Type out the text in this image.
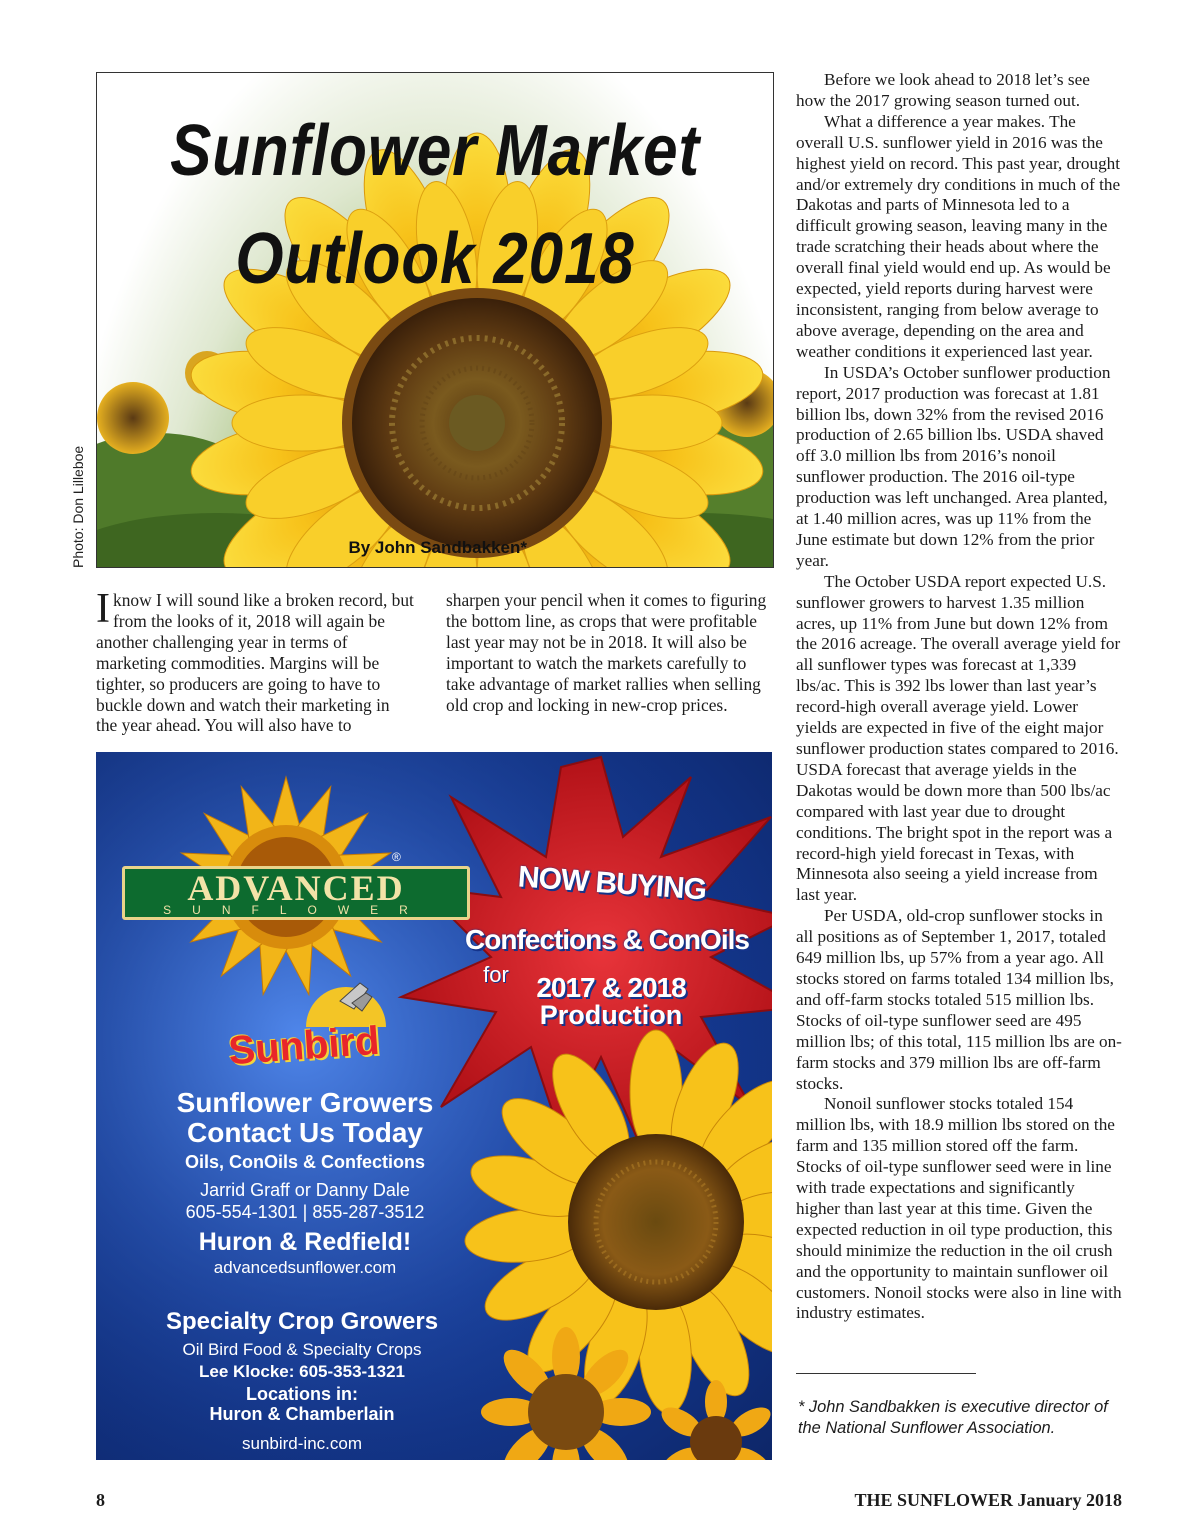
Sunflower Market
Outlook 2018
By John Sandbakken*
Photo: Don Lilleboe
Iknow I will sound like a broken record, but from the looks of it, 2018 will again be another challenging year in terms of marketing commodities. Margins will be tighter, so producers are going to have to buckle down and watch their marketing in the year ahead. You will also have to
sharpen your pencil when it comes to figuring the bottom line, as crops that were profitable last year may not be in 2018. It will also be important to watch the markets carefully to take advantage of market rallies when selling old crop and locking in new-crop prices.

Before we look ahead to 2018 let’s see how the 2017 growing season turned out.

What a difference a year makes. The overall U.S. sunflower yield in 2016 was the highest yield on record. This past year, drought and/or extremely dry conditions in much of the Dakotas and parts of Minnesota led to a difficult growing season, leaving many in the trade scratching their heads about where the overall final yield would end up. As would be expected, yield reports during harvest were inconsistent, ranging from below average to above average, depending on the area and weather conditions it experienced last year.

In USDA’s October sunflower production report, 2017 production was forecast at 1.81 billion lbs, down 32% from the revised 2016 production of 2.65 billion lbs. USDA shaved off 3.0 million lbs from 2016’s nonoil sunflower production. The 2016 oil-type production was left unchanged. Area planted, at 1.40 million acres, was up 11% from the June estimate but down 12% from the prior year.

The October USDA report expected U.S. sunflower growers to harvest 1.35 million acres, up 11% from June but down 12% from the 2016 acreage. The overall average yield for all sunflower types was forecast at 1,339 lbs/ac. This is 392 lbs lower than last year’s record-high overall average yield. Lower yields are expected in five of the eight major sunflower production states compared to 2016. USDA forecast that average yields in the Dakotas would be down more than 500 lbs/ac compared with last year due to drought conditions. The bright spot in the report was a record-high yield forecast in Texas, with Minnesota also seeing a yield increase from last year.

Per USDA, old-crop sunflower stocks in all positions as of September 1, 2017, totaled 649 million lbs, up 57% from a year ago. All stocks stored on farms totaled 134 million lbs, and off-farm stocks totaled 515 million lbs. Stocks of oil-type sunflower seed are 495 million lbs; of this total, 115 million lbs are on-farm stocks and 379 million lbs are off-farm stocks.

Nonoil sunflower stocks totaled 154 million lbs, with 18.9 million lbs stored on the farm and 135 million stored off the farm. Stocks of oil-type sunflower seed were in line with trade expectations and significantly higher than last year at this time. Given the expected reduction in oil type production, this should minimize the reduction in the oil crush and the opportunity to maintain sunflower oil customers. Nonoil stocks were also in line with industry estimates.

* John Sandbakken is executive director of the National Sunflower Association.
ADVANCED
SUNFLOWER
®
Sunbird
NOW BUYING
Confections & ConOils
for 2017 & 2018
Production
Sunflower Growers
Contact Us Today
Oils, ConOils & Confections
Jarrid Graff or Danny Dale
605-554-1301 | 855-287-3512
Huron & Redfield!
advancedsunflower.com
Specialty Crop Growers
Oil Bird Food & Specialty Crops
Lee Klocke: 605-353-1321
Locations in:
Huron & Chamberlain
sunbird-inc.com
8	THE SUNFLOWER January 2018
